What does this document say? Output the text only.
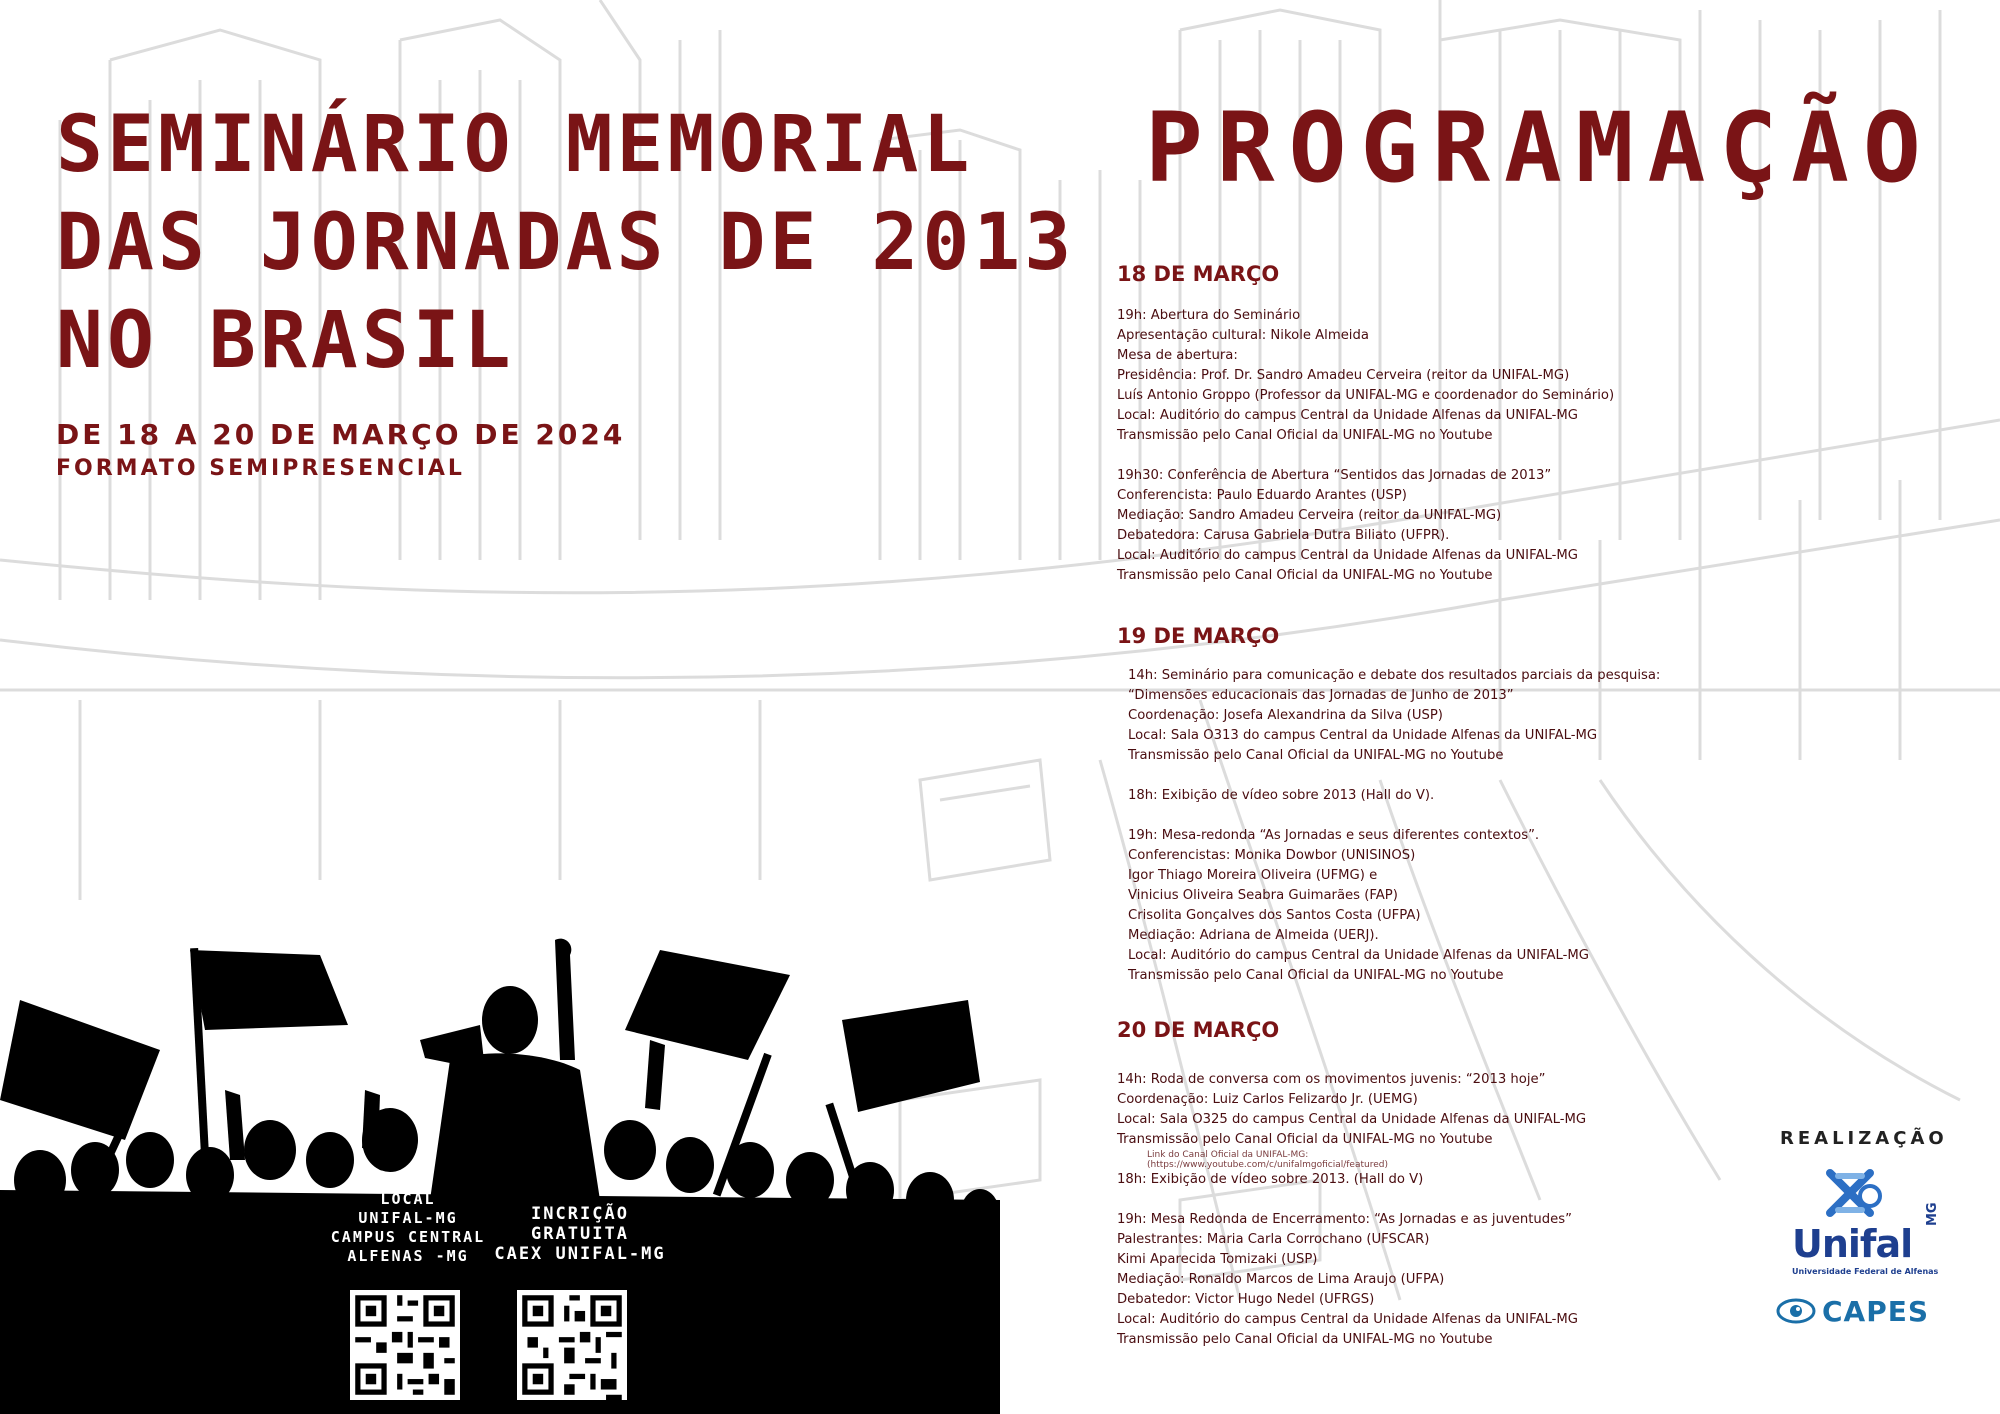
SEMINÁRIO MEMORIAL
DAS JORNADAS DE 2013
NO BRASIL

DE 18 A 20 DE MARÇO DE 2024

FORMATO SEMIPRESENCIAL

PROGRAMAÇÃO
18 DE MARÇO
19h: Abertura do Seminário
Apresentação cultural: Nikole Almeida
Mesa de abertura:
Presidência: Prof. Dr. Sandro Amadeu Cerveira (reitor da UNIFAL-MG)
Luís Antonio Groppo (Professor da UNIFAL-MG e coordenador do Seminário)
Local: Auditório do campus Central da Unidade Alfenas da UNIFAL-MG
Transmissão pelo Canal Oficial da UNIFAL-MG no Youtube
19h30: Conferência de Abertura “Sentidos das Jornadas de 2013”
Conferencista: Paulo Eduardo Arantes (USP)
Mediação: Sandro Amadeu Cerveira (reitor da UNIFAL-MG)
Debatedora: Carusa Gabriela Dutra Biliato (UFPR).
Local: Auditório do campus Central da Unidade Alfenas da UNIFAL-MG
Transmissão pelo Canal Oficial da UNIFAL-MG no Youtube
19 DE MARÇO
14h: Seminário para comunicação e debate dos resultados parciais da pesquisa:
“Dimensões educacionais das Jornadas de Junho de 2013”
Coordenação: Josefa Alexandrina da Silva (USP)
Local: Sala O313 do campus Central da Unidade Alfenas da UNIFAL-MG
Transmissão pelo Canal Oficial da UNIFAL-MG no Youtube
18h: Exibição de vídeo sobre 2013 (Hall do V).
19h: Mesa-redonda “As Jornadas e seus diferentes contextos”.
Conferencistas: Monika Dowbor (UNISINOS)
Igor Thiago Moreira Oliveira (UFMG) e
Vinicius Oliveira Seabra Guimarães (FAP)
Crisolita Gonçalves dos Santos Costa (UFPA)
Mediação: Adriana de Almeida (UERJ).
Local: Auditório do campus Central da Unidade Alfenas da UNIFAL-MG
Transmissão pelo Canal Oficial da UNIFAL-MG no Youtube
20 DE MARÇO
14h: Roda de conversa com os movimentos juvenis: “2013 hoje”
Coordenação: Luiz Carlos Felizardo Jr. (UEMG)
Local: Sala O325 do campus Central da Unidade Alfenas da UNIFAL-MG
Transmissão pelo Canal Oficial da UNIFAL-MG no Youtube
Link do Canal Oficial da UNIFAL-MG:
(https://www.youtube.com/c/unifalmgoficial/featured)
18h: Exibição de vídeo sobre 2013. (Hall do V)
19h: Mesa Redonda de Encerramento: “As Jornadas e as juventudes”
Palestrantes: Maria Carla Corrochano (UFSCAR)
Kimi Aparecida Tomizaki (USP)
Mediação: Ronaldo Marcos de Lima Araujo (UFPA)
Debatedor: Victor Hugo Nedel (UFRGS)
Local: Auditório do campus Central da Unidade Alfenas da UNIFAL-MG
Transmissão pelo Canal Oficial da UNIFAL-MG no Youtube
LOCAL
UNIFAL-MG
CAMPUS CENTRAL
ALFENAS -MG
INCRIÇÃO
GRATUITA
CAEX UNIFAL-MG

REALIZAÇÃO

Unifal

MG

Universidade Federal de Alfenas

CAPES
